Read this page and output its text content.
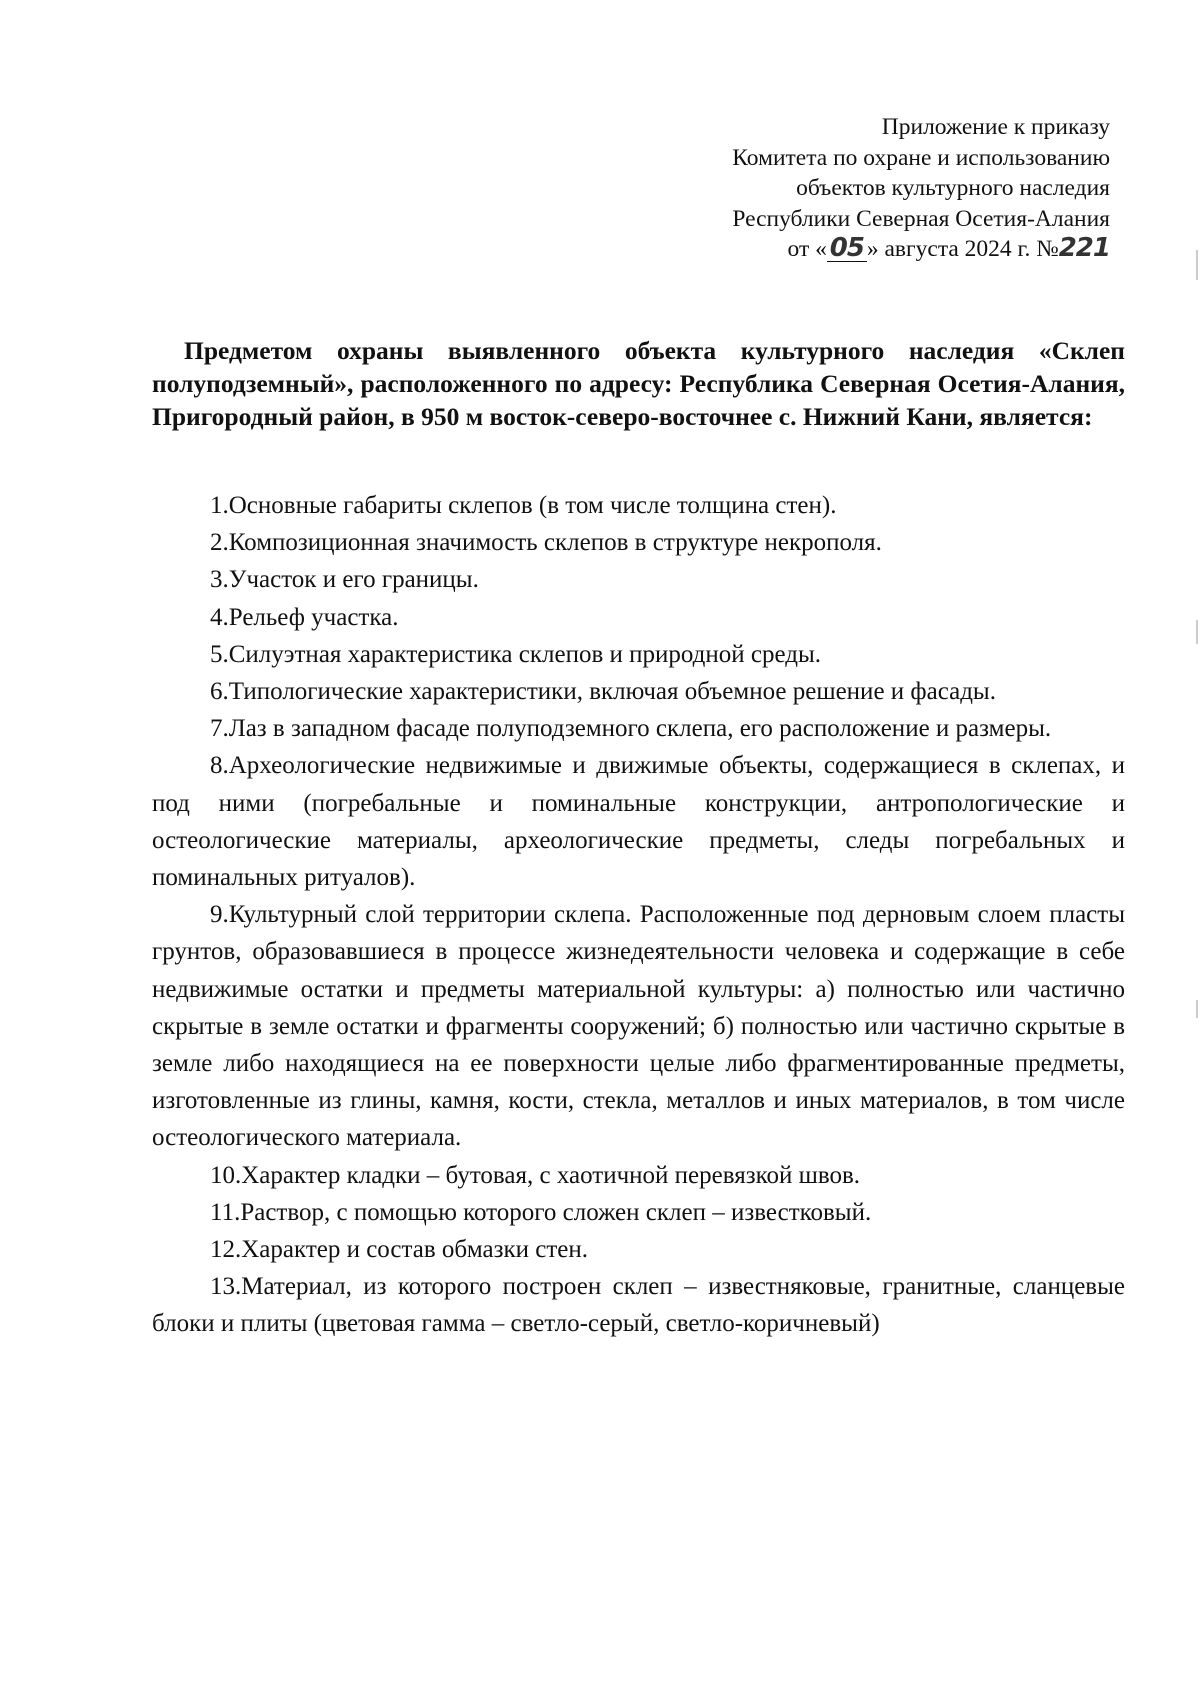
Приложение к приказу
Комитета по охране и использованию
объектов культурного наследия
Республики Северная Осетия-Алания
от « 05 » августа 2024 г. №221

Предметом охраны выявленного объекта культурного наследия «Склеп полуподземный», расположенного по адресу: Республика Северная Осетия-Алания, Пригородный район, в 950 м восток-северо-восточнее с. Нижний Кани, является:

1.Основные габариты склепов (в том числе толщина стен).

2.Композиционная значимость склепов в структуре некрополя.

3.Участок и его границы.

4.Рельеф участка.

5.Силуэтная характеристика склепов и природной среды.

6.Типологические характеристики, включая объемное решение и фасады.

7.Лаз в западном фасаде полуподземного склепа, его расположение и размеры.

8.Археологические недвижимые и движимые объекты, содержащиеся в склепах, и под ними (погребальные и поминальные конструкции, антропологические и остеологические материалы, археологические предметы, следы погребальных и поминальных ритуалов).

9.Культурный слой территории склепа. Расположенные под дерновым слоем пласты грунтов, образовавшиеся в процессе жизнедеятельности человека и содержащие в себе недвижимые остатки и предметы материальной культуры: а) полностью или частично скрытые в земле остатки и фрагменты сооружений; б) полностью или частично скрытые в земле либо находящиеся на ее поверхности целые либо фрагментированные предметы, изготовленные из глины, камня, кости, стекла, металлов и иных материалов, в том числе остеологического материала.

10.Характер кладки – бутовая, с хаотичной перевязкой швов.

11.Раствор, с помощью которого сложен склеп – известковый.

12.Характер и состав обмазки стен.

13.Материал, из которого построен склеп – известняковые, гранитные, сланцевые блоки и плиты (цветовая гамма – светло-серый, светло-коричневый)
